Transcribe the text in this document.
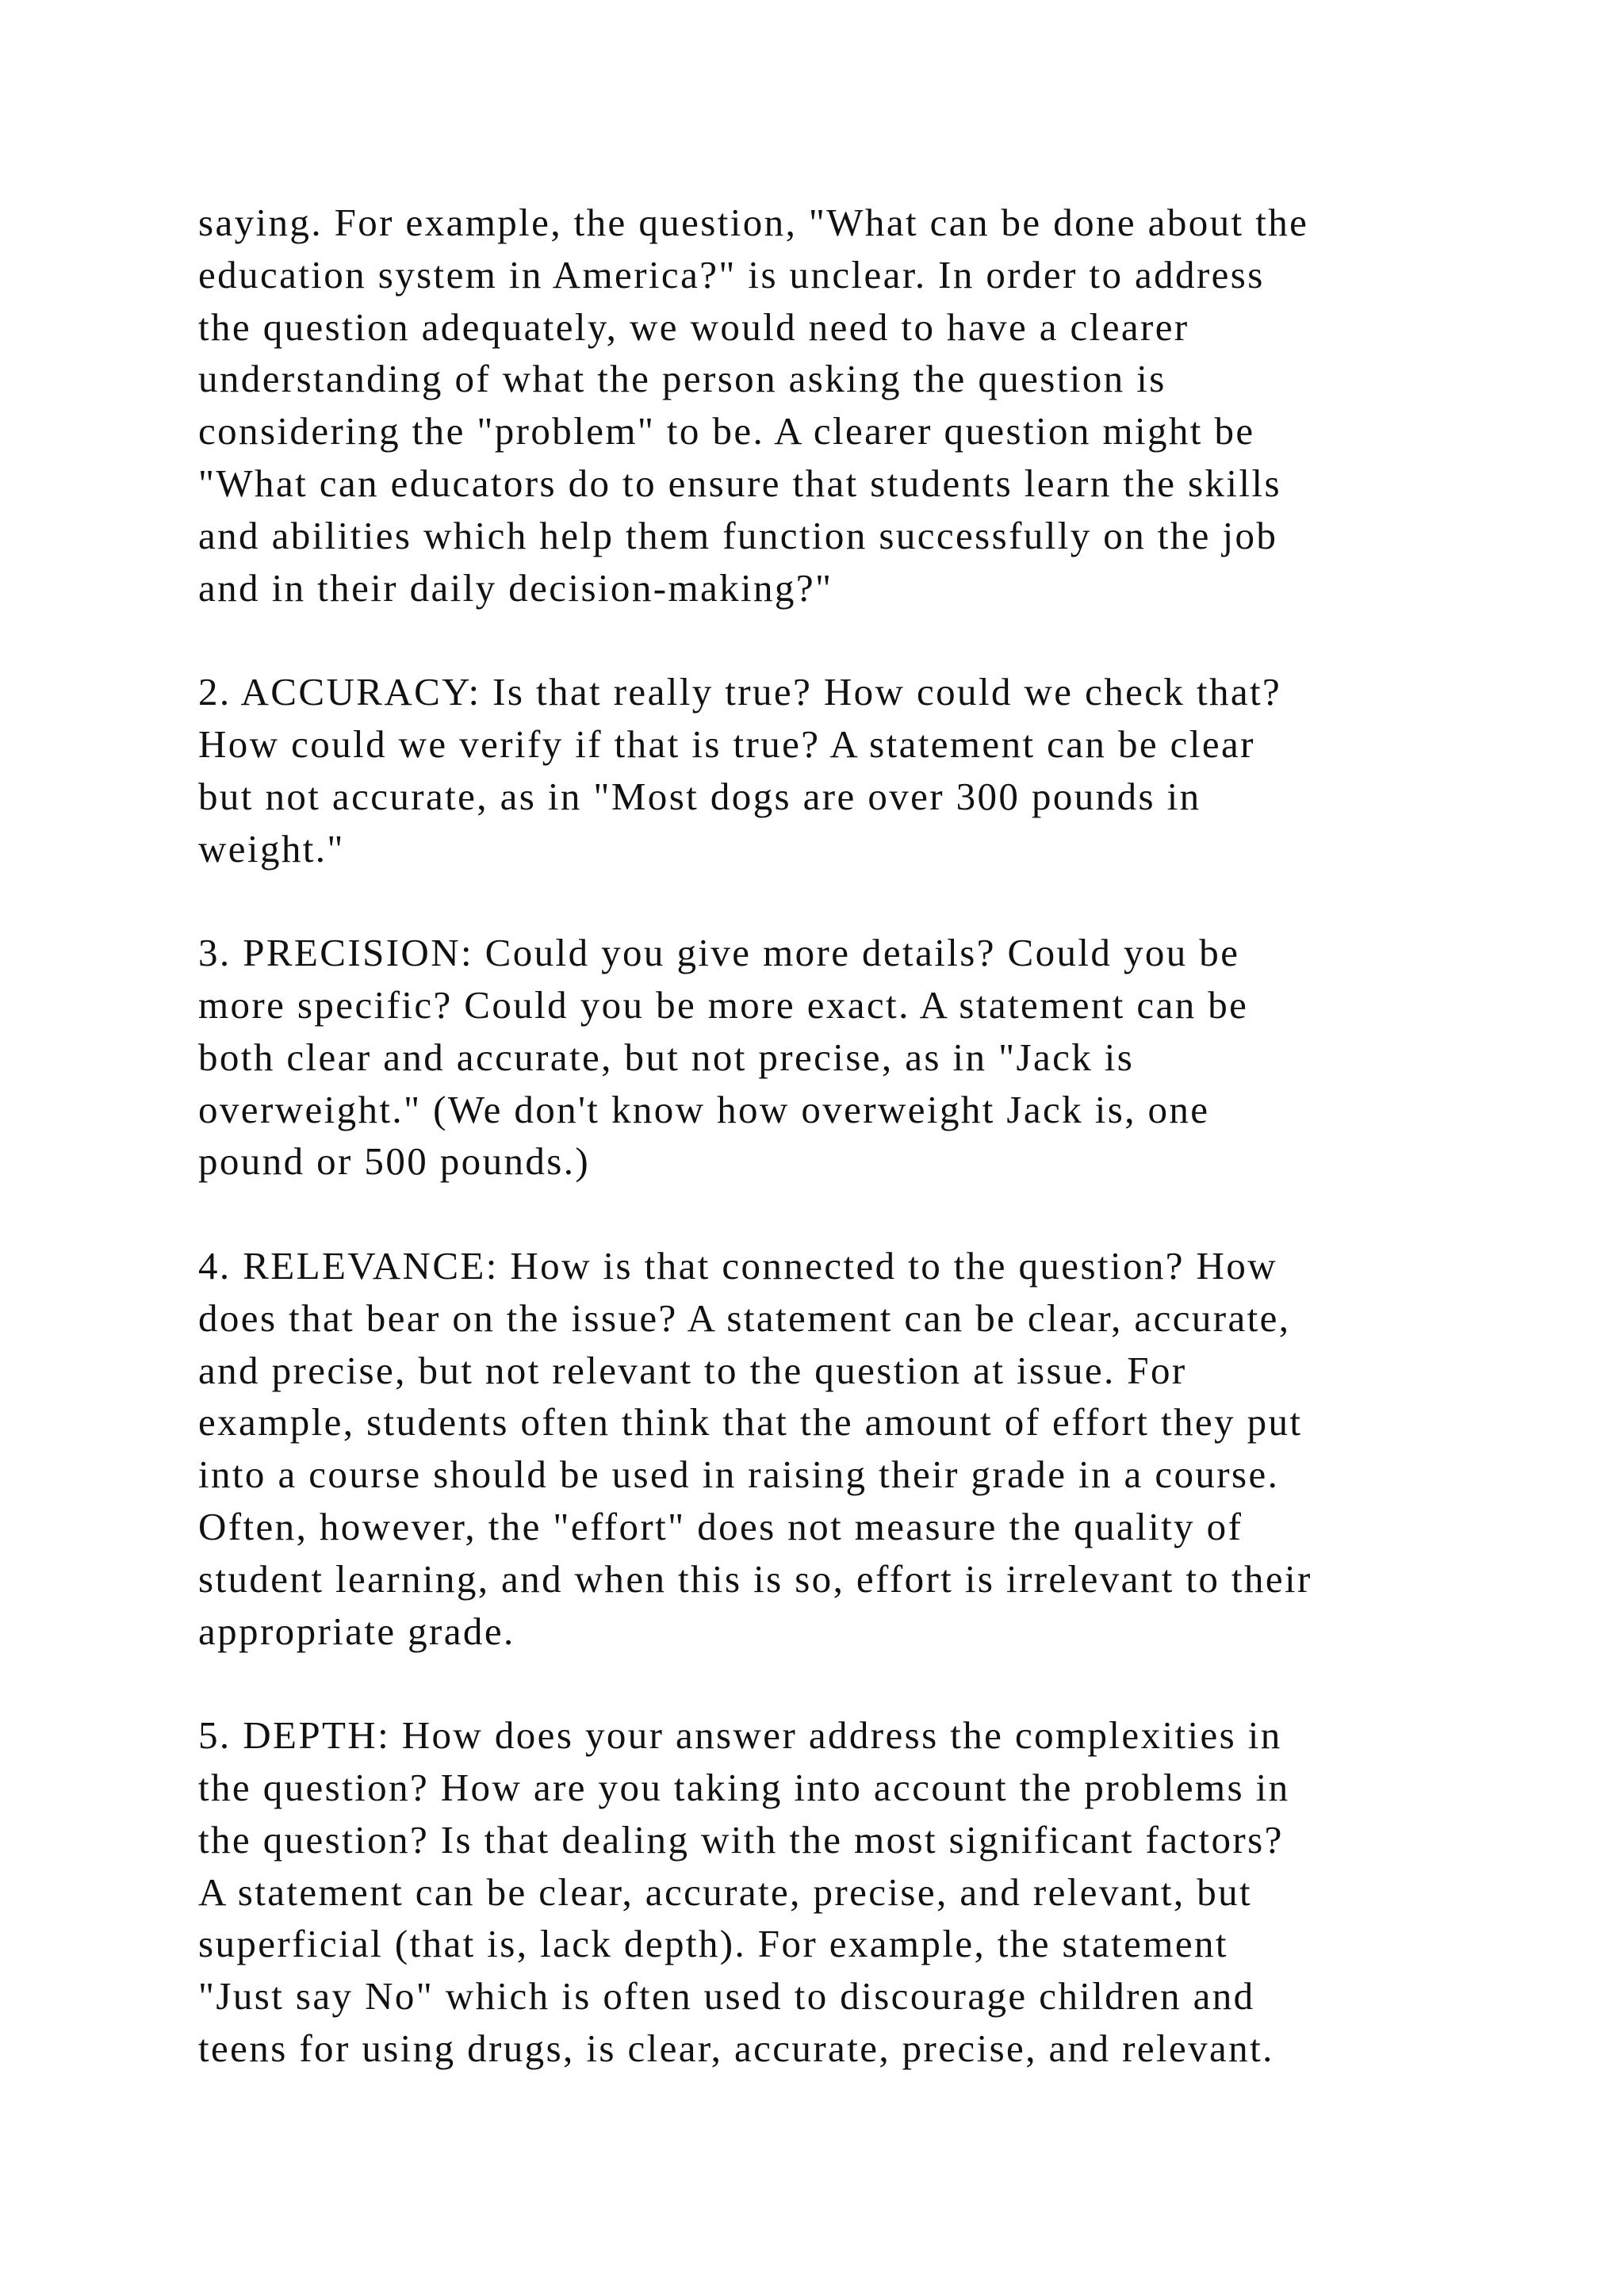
saying. For example, the question, "What can be done about the
education system in America?" is unclear. In order to address
the question adequately, we would need to have a clearer
understanding of what the person asking the question is
considering the "problem" to be. A clearer question might be
"What can educators do to ensure that students learn the skills
and abilities which help them function successfully on the job
and in their daily decision-making?"

2. ACCURACY: Is that really true? How could we check that?
How could we verify if that is true? A statement can be clear
but not accurate, as in "Most dogs are over 300 pounds in
weight."

3. PRECISION: Could you give more details? Could you be
more specific? Could you be more exact. A statement can be
both clear and accurate, but not precise, as in "Jack is
overweight." (We don't know how overweight Jack is, one
pound or 500 pounds.)

4. RELEVANCE: How is that connected to the question? How
does that bear on the issue? A statement can be clear, accurate,
and precise, but not relevant to the question at issue. For
example, students often think that the amount of effort they put
into a course should be used in raising their grade in a course.
Often, however, the "effort" does not measure the quality of
student learning, and when this is so, effort is irrelevant to their
appropriate grade.

5. DEPTH: How does your answer address the complexities in
the question? How are you taking into account the problems in
the question? Is that dealing with the most significant factors?
A statement can be clear, accurate, precise, and relevant, but
superficial (that is, lack depth). For example, the statement
"Just say No" which is often used to discourage children and
teens for using drugs, is clear, accurate, precise, and relevant.
